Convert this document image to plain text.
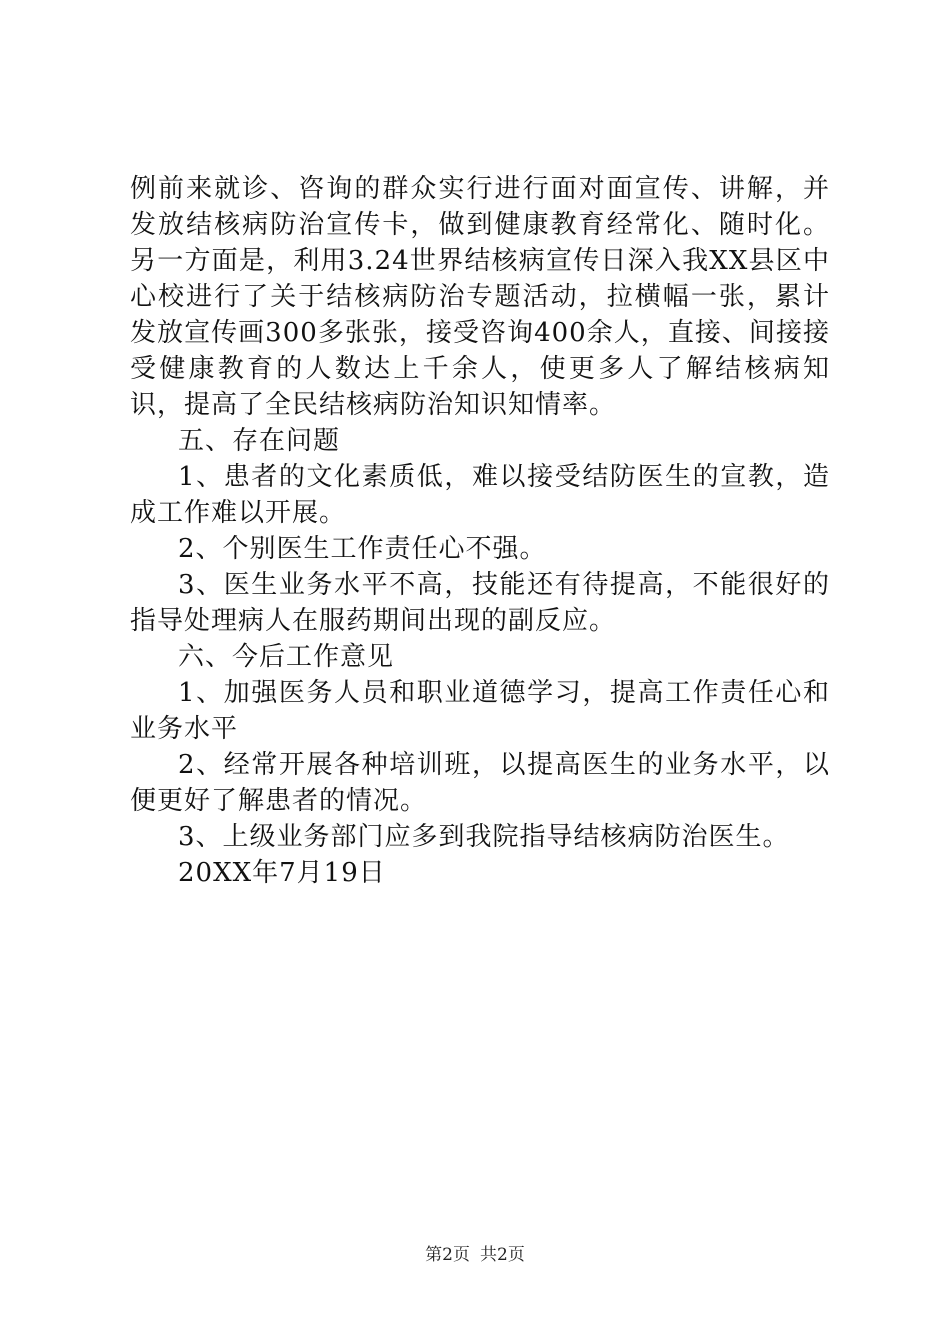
例前来就诊、咨询的群众实行进行面对面宣传、讲解，并发放结核病防治宣传卡，做到健康教育经常化、随时化。另一方面是，利用3.24世界结核病宣传日深入我XX县区中心校进行了关于结核病防治专题活动，拉横幅一张，累计发放宣传画300多张张，接受咨询400余人，直接、间接接受健康教育的人数达上千余人，使更多人了解结核病知识，提高了全民结核病防治知识知情率。

五、存在问题

1、患者的文化素质低，难以接受结防医生的宣教，造成工作难以开展。

2、个别医生工作责任心不强。

3、医生业务水平不高，技能还有待提高，不能很好的指导处理病人在服药期间出现的副反应。

六、今后工作意见

1、加强医务人员和职业道德学习，提高工作责任心和业务水平

2、经常开展各种培训班，以提高医生的业务水平，以便更好了解患者的情况。

3、上级业务部门应多到我院指导结核病防治医生。

20XX年7月19日

第2页 共2页
